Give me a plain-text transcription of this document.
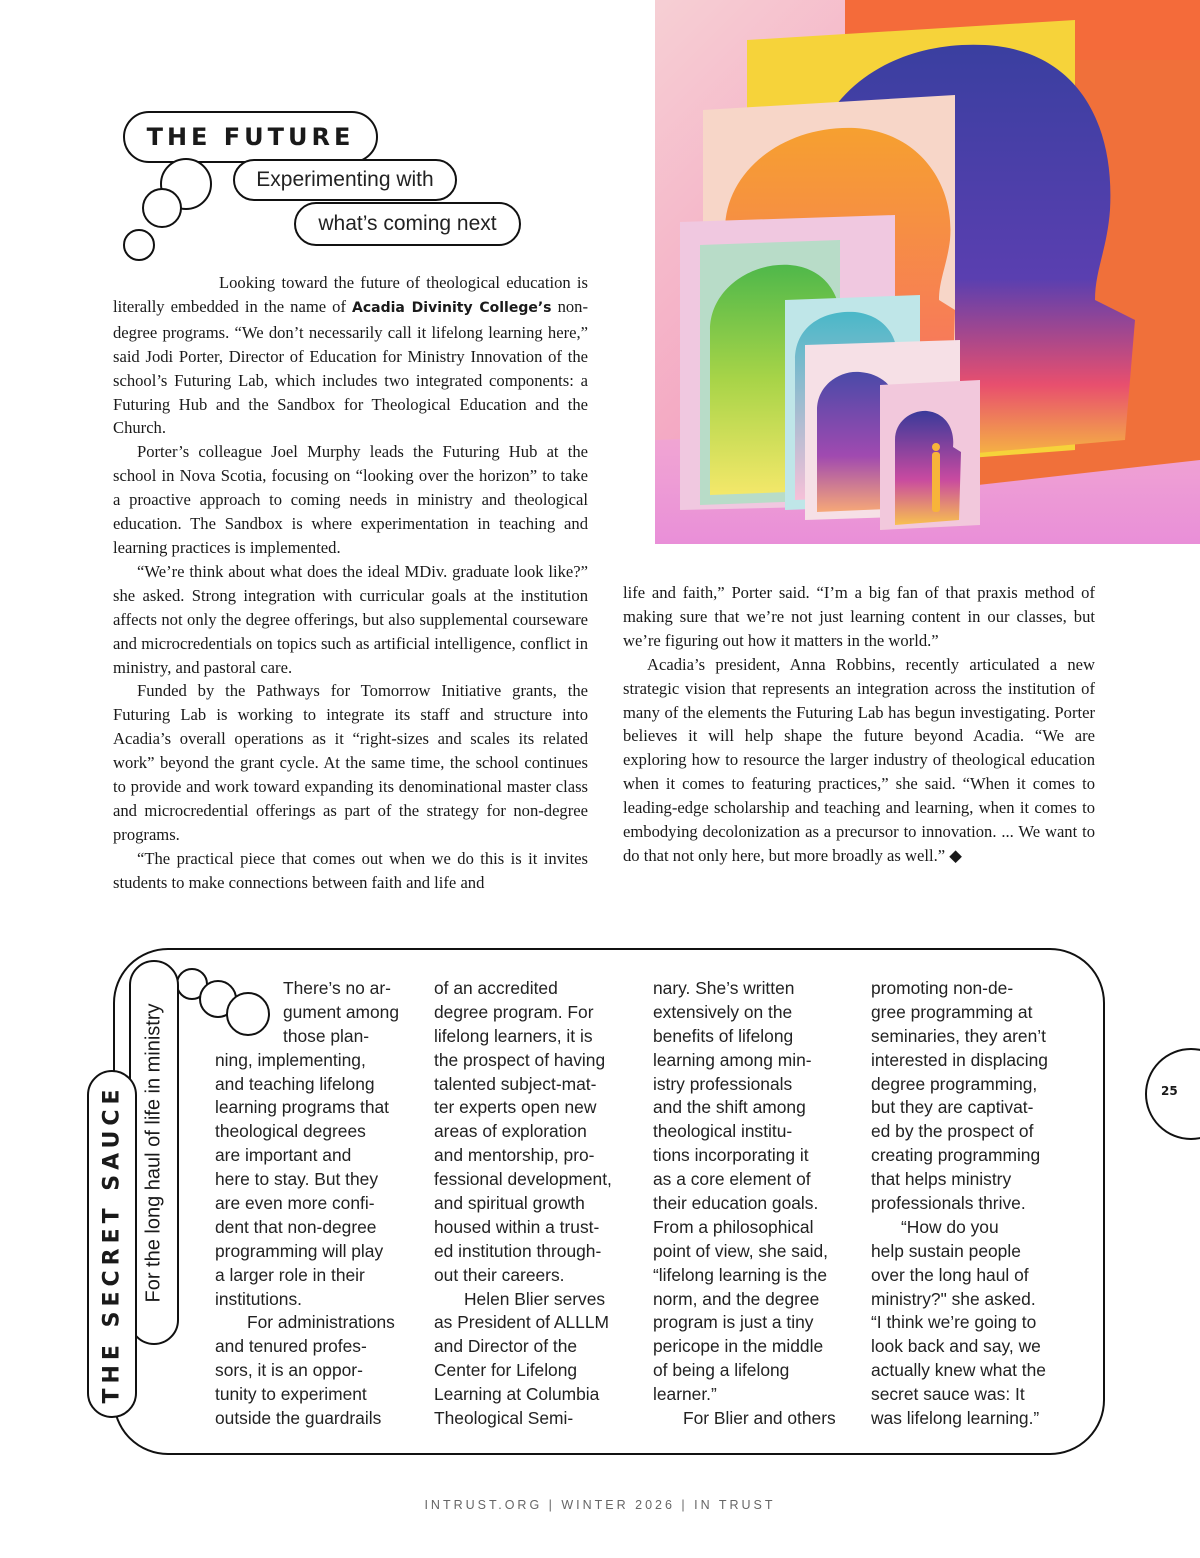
THE FUTURE
Experimenting with
what’s coming next

Looking toward the future of theological education is literally embedded in the name of Acadia Divinity College’s non-degree programs. “We don’t necessarily call it lifelong learning here,” said Jodi Porter, Director of Education for Ministry Innovation of the school’s Futuring Lab, which includes two integrated components: a Futuring Hub and the Sandbox for Theological Education and the Church.

Porter’s colleague Joel Murphy leads the Futuring Hub at the school in Nova Scotia, focusing on “looking over the horizon” to take a proactive approach to coming needs in ministry and theological education. The Sandbox is where experimentation in teaching and learning practices is implemented.

“We’re think about what does the ideal MDiv. graduate look like?” she asked. Strong integration with curricular goals at the institution affects not only the degree offerings, but also supplemental courseware and microcredentials on topics such as artificial intelligence, conflict in ministry, and pastoral care.

Funded by the Pathways for Tomorrow Initiative grants, the Futuring Lab is working to integrate its staff and structure into Acadia’s overall operations as it “right-sizes and scales its related work” beyond the grant cycle. At the same time, the school continues to provide and work toward expanding its denominational master class and microcredential offerings as part of the strategy for non-degree programs.

“The practical piece that comes out when we do this is it invites students to make connections between faith and life and

life and faith,” Porter said. “I’m a big fan of that praxis method of making sure that we’re not just learning content in our classes, but we’re figuring out how it matters in the world.”

Acadia’s president, Anna Robbins, recently articulated a new strategic vision that represents an integration across the institution of many of the elements the Futuring Lab has begun investigating. Porter believes it will help shape the future beyond Acadia. “We are exploring how to resource the larger industry of theological education when it comes to featuring practices,” she said. “When it comes to leading-edge scholarship and teaching and learning, when it comes to embodying decolonization as a precursor to innovation. ... We want to do that not only here, but more broadly as well.” ◆

For the long haul of life in ministry
THE SECRET SAUCE
There’s no ar-
gument among
those plan-
ning, implementing,
and teaching lifelong
learning programs that
theological degrees
are important and
here to stay. But they
are even more confi-
dent that non-degree
programming will play
a larger role in their
institutions.
For administrations
and tenured profes-
sors, it is an oppor-
tunity to experiment
outside the guardrails
of an accredited
degree program. For
lifelong learners, it is
the prospect of having
talented subject-mat-
ter experts open new
areas of exploration
and mentorship, pro-
fessional development,
and spiritual growth
housed within a trust-
ed institution through-
out their careers.
Helen Blier serves
as President of ALLLM
and Director of the
Center for Lifelong
Learning at Columbia
Theological Semi-
nary. She’s written
extensively on the
benefits of lifelong
learning among min-
istry professionals
and the shift among
theological institu-
tions incorporating it
as a core element of
their education goals.
From a philosophical
point of view, she said,
“lifelong learning is the
norm, and the degree
program is just a tiny
pericope in the middle
of being a lifelong
learner.”
For Blier and others
promoting non-de-
gree programming at
seminaries, they aren’t
interested in displacing
degree programming,
but they are captivat-
ed by the prospect of
creating programming
that helps ministry
professionals thrive.
“How do you
help sustain people
over the long haul of
ministry?" she asked.
“I think we’re going to
look back and say, we
actually knew what the
secret sauce was: It
was lifelong learning.”
25
INTRUST.ORG | WINTER 2026 | IN TRUST
